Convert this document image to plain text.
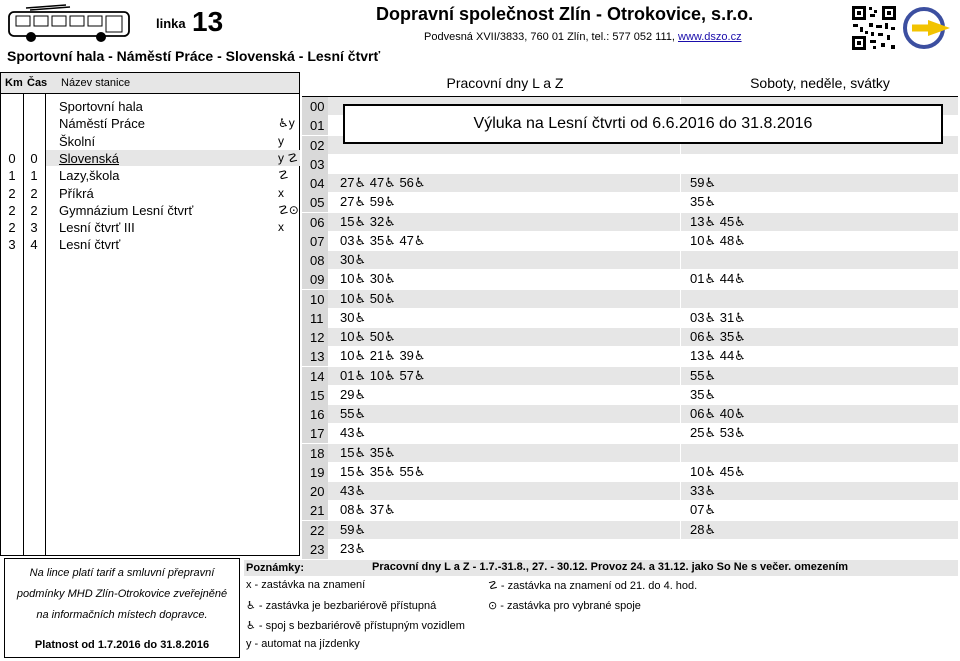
linka 13	Dopravní společnost Zlín - Otrokovice, s.r.o.
Podvesná XVII/3833, 760 01 Zlín, tel.: 577 052 111, www.dszo.cz
Sportovní hala - Náměstí Práce - Slovenská - Lesní čtvrť
Km Čas Název stanice
Sportovní hala
Náměstí Práce	♿y
Školní	y
0 0 Slovenská	y ☡
1 1 Lazy,škola	☡
2 2 Příkrá	x
2 2 Gymnázium Lesní čtvrť	☡⊙
2 3 Lesní čtvrť III	x
3 4 Lesní čtvrť
Pracovní dny L a Z	Soboty, neděle, svátky
00
01
02
03
04 27♿ 47♿ 56♿	59♿
05 27♿ 59♿	35♿
06 15♿ 32♿	13♿ 45♿
07 03♿ 35♿ 47♿	10♿ 48♿
08 30♿
09 10♿ 30♿	01♿ 44♿
10 10♿ 50♿
11	30♿	03♿ 31♿
12 10♿ 50♿	06♿ 35♿
13 10♿ 21♿ 39♿	13♿ 44♿
14 01♿ 10♿ 57♿	55♿
15 29♿	35♿
16 55♿	06♿ 40♿
17 43♿	25♿ 53♿
18 15♿ 35♿
19 15♿ 35♿ 55♿	10♿ 45♿
20 43♿	33♿
21 08♿ 37♿	07♿
22 59♿	28♿
23 23♿
Výluka na Lesní čtvrti od 6.6.2016 do 31.8.2016
Na lince platí tarif a smluvní přepravní
podmínky MHD Zlín-Otrokovice zveřejněné
na informačních místech dopravce.
Platnost od 1.7.2016 do 31.8.2016
Poznámky:	Pracovní dny L a Z - 1.7.-31.8., 27. - 30.12. Provoz 24. a 31.12. jako So Ne s večer. omezením
x - zastávka na znamení	☡ - zastávka na znamení od 21. do 4. hod.
♿ - zastávka je bezbariérově přístupná	⊙ - zastávka pro vybrané spoje
♿ - spoj s bezbariérově přístupným vozidlem
y - automat na jízdenky
